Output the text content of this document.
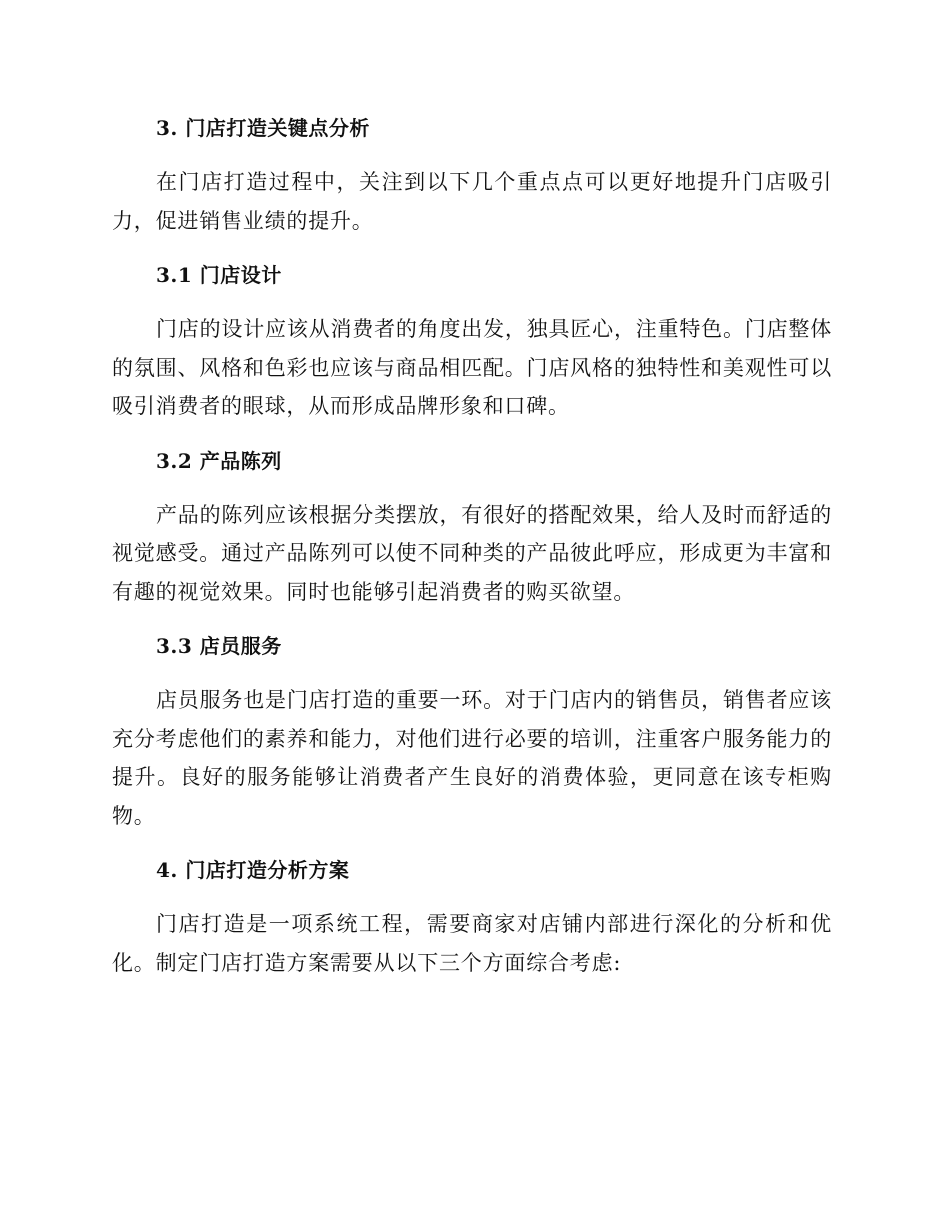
3. 门店打造关键点分析

在门店打造过程中，关注到以下几个重点点可以更好地提升门店吸引力，促进销售业绩的提升。

3.1 门店设计

门店的设计应该从消费者的角度出发，独具匠心，注重特色。门店整体的氛围、风格和色彩也应该与商品相匹配。门店风格的独特性和美观性可以吸引消费者的眼球，从而形成品牌形象和口碑。

3.2 产品陈列

产品的陈列应该根据分类摆放，有很好的搭配效果，给人及时而舒适的视觉感受。通过产品陈列可以使不同种类的产品彼此呼应，形成更为丰富和有趣的视觉效果。同时也能够引起消费者的购买欲望。

3.3 店员服务

店员服务也是门店打造的重要一环。对于门店内的销售员，销售者应该充分考虑他们的素养和能力，对他们进行必要的培训，注重客户服务能力的提升。良好的服务能够让消费者产生良好的消费体验，更同意在该专柜购物。

4. 门店打造分析方案

门店打造是一项系统工程，需要商家对店铺内部进行深化的分析和优化。制定门店打造方案需要从以下三个方面综合考虑:
